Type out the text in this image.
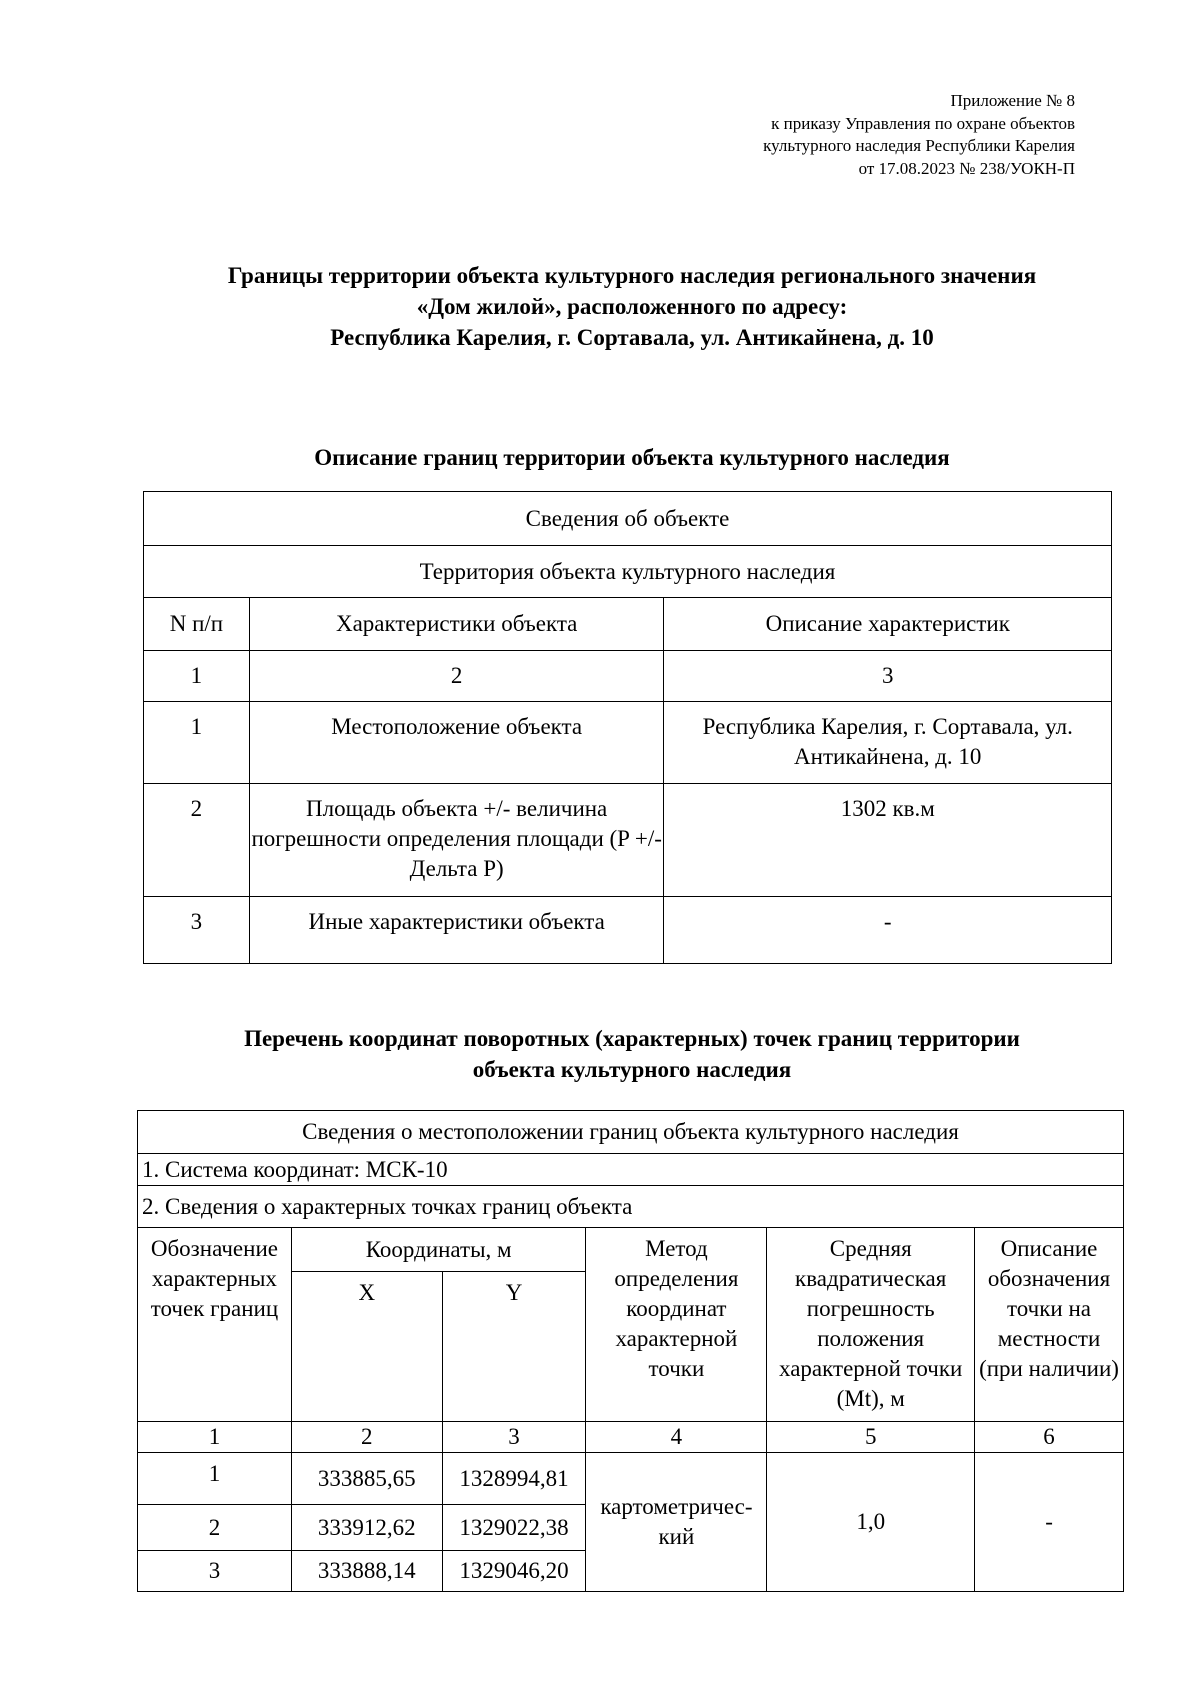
Приложение № 8
к приказу Управления по охране объектов
культурного наследия Республики Карелия
от 17.08.2023 № 238/УОКН-П
Границы территории объекта культурного наследия регионального значения
«Дом жилой», расположенного по адресу:
Республика Карелия, г. Сортавала, ул. Антикайнена, д. 10
Описание границ территории объекта культурного наследия
Сведения об объекте		
Территория объекта культурного наследия		
N п/п	Характеристики объекта	Описание характеристик
1	2	3
1	Местоположение объекта	Республика Карелия, г. Сортавала, ул. Антикайнена, д. 10
2	Площадь объекта +/- величина погрешности определения площади (P +/- Дельта P)	1302 кв.м
3	Иные характеристики объекта	-
Перечень координат поворотных (характерных) точек границ территории
объекта культурного наследия
Сведения о местоположении границ объекта культурного наследия					
1. Система координат: МСК-10					
2. Сведения о характерных точках границ объекта					
Обозначение характерных точек границ	Координаты, м		Метод определения координат характерной точки	Средняя квадратическая погрешность положения характерной точки (Mt), м	Описание обозначения точки на местности (при наличии)
	X	Y			
1	2	3	4	5	6
1	333885,65	1328994,81	картометричес-кий	1,0	-
2	333912,62	1329022,38			
3	333888,14	1329046,20			
